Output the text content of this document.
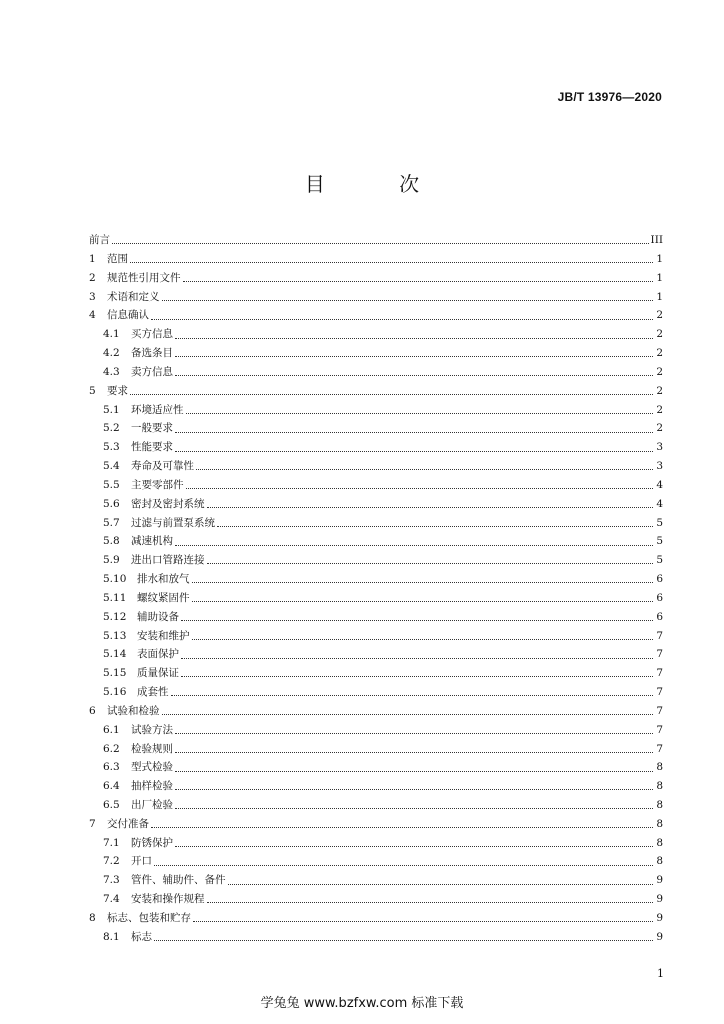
JB/T 13976—2020
目 次
前言	III
1	范围	1
2	规范性引用文件	1
3	术语和定义	1
4	信息确认	2
4.1	买方信息	2
4.2	备选条目	2
4.3	卖方信息	2
5	要求	2
5.1	环境适应性	2
5.2	一般要求	2
5.3	性能要求	3
5.4	寿命及可靠性	3
5.5	主要零部件	4
5.6	密封及密封系统	4
5.7	过滤与前置泵系统	5
5.8	减速机构	5
5.9	进出口管路连接	5
5.10	排水和放气	6
5.11	螺纹紧固件	6
5.12	辅助设备	6
5.13	安装和维护	7
5.14	表面保护	7
5.15	质量保证	7
5.16	成套性	7
6	试验和检验	7
6.1	试验方法	7
6.2	检验规则	7
6.3	型式检验	8
6.4	抽样检验	8
6.5	出厂检验	8
7	交付准备	8
7.1	防锈保护	8
7.2	开口	8
7.3	管件、辅助件、备件	9
7.4	安装和操作规程	9
8	标志、包装和贮存	9
8.1	标志	9
1
学兔兔 www.bzfxw.com 标准下载
